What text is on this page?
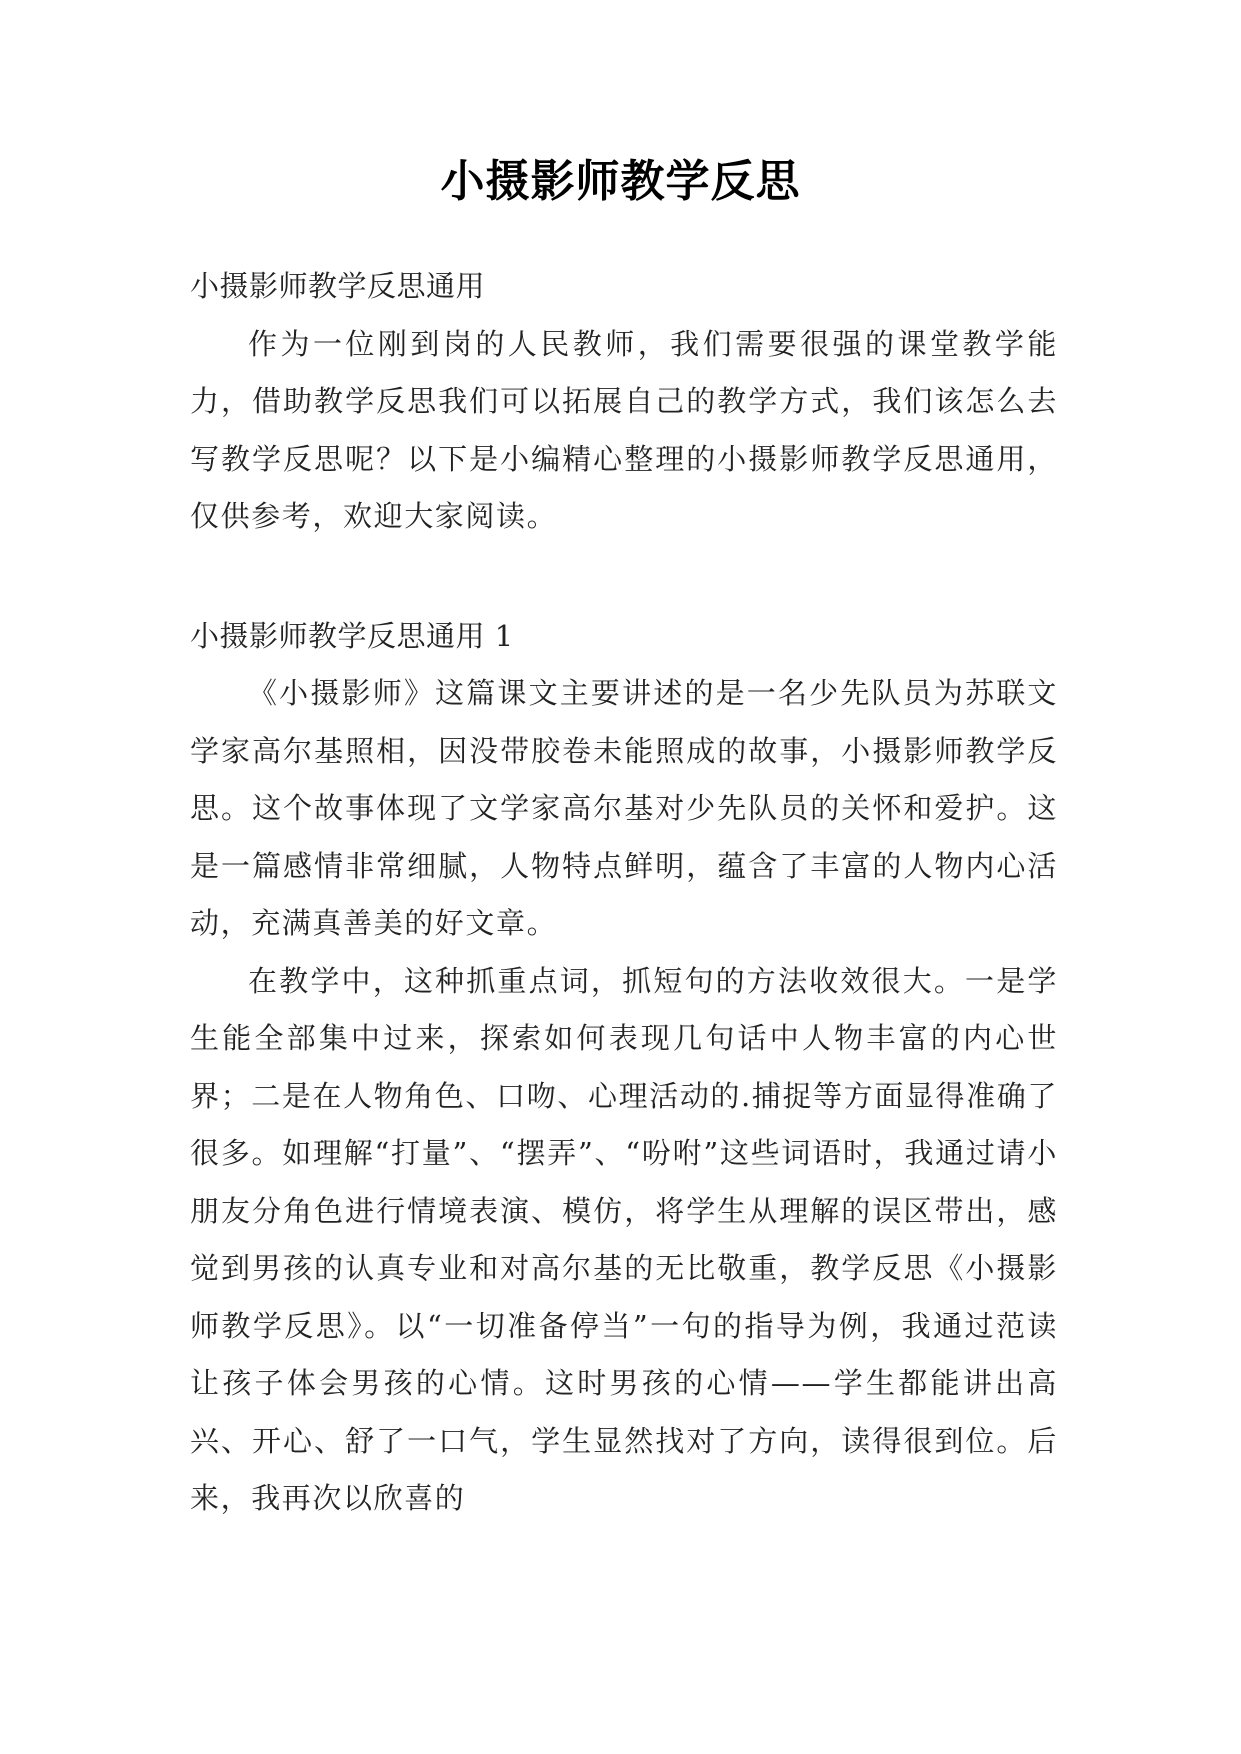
小摄影师教学反思

小摄影师教学反思通用

作为一位刚到岗的人民教师，我们需要很强的课堂教学能力，借助教学反思我们可以拓展自己的教学方式，我们该怎么去写教学反思呢？以下是小编精心整理的小摄影师教学反思通用，仅供参考，欢迎大家阅读。

小摄影师教学反思通用 1

《小摄影师》这篇课文主要讲述的是一名少先队员为苏联文学家高尔基照相，因没带胶卷未能照成的故事，小摄影师教学反思。这个故事体现了文学家高尔基对少先队员的关怀和爱护。这是一篇感情非常细腻，人物特点鲜明，蕴含了丰富的人物内心活动，充满真善美的好文章。

在教学中，这种抓重点词，抓短句的方法收效很大。一是学生能全部集中过来，探索如何表现几句话中人物丰富的内心世界；二是在人物角色、口吻、心理活动的.捕捉等方面显得准确了很多。如理解“打量”、“摆弄”、“吩咐”这些词语时，我通过请小朋友分角色进行情境表演、模仿，将学生从理解的误区带出，感觉到男孩的认真专业和对高尔基的无比敬重，教学反思《小摄影师教学反思》。以“一切准备停当”一句的指导为例，我通过范读让孩子体会男孩的心情。这时男孩的心情——学生都能讲出高兴、开心、舒了一口气，学生显然找对了方向，读得很到位。后来，我再次以欣喜的
